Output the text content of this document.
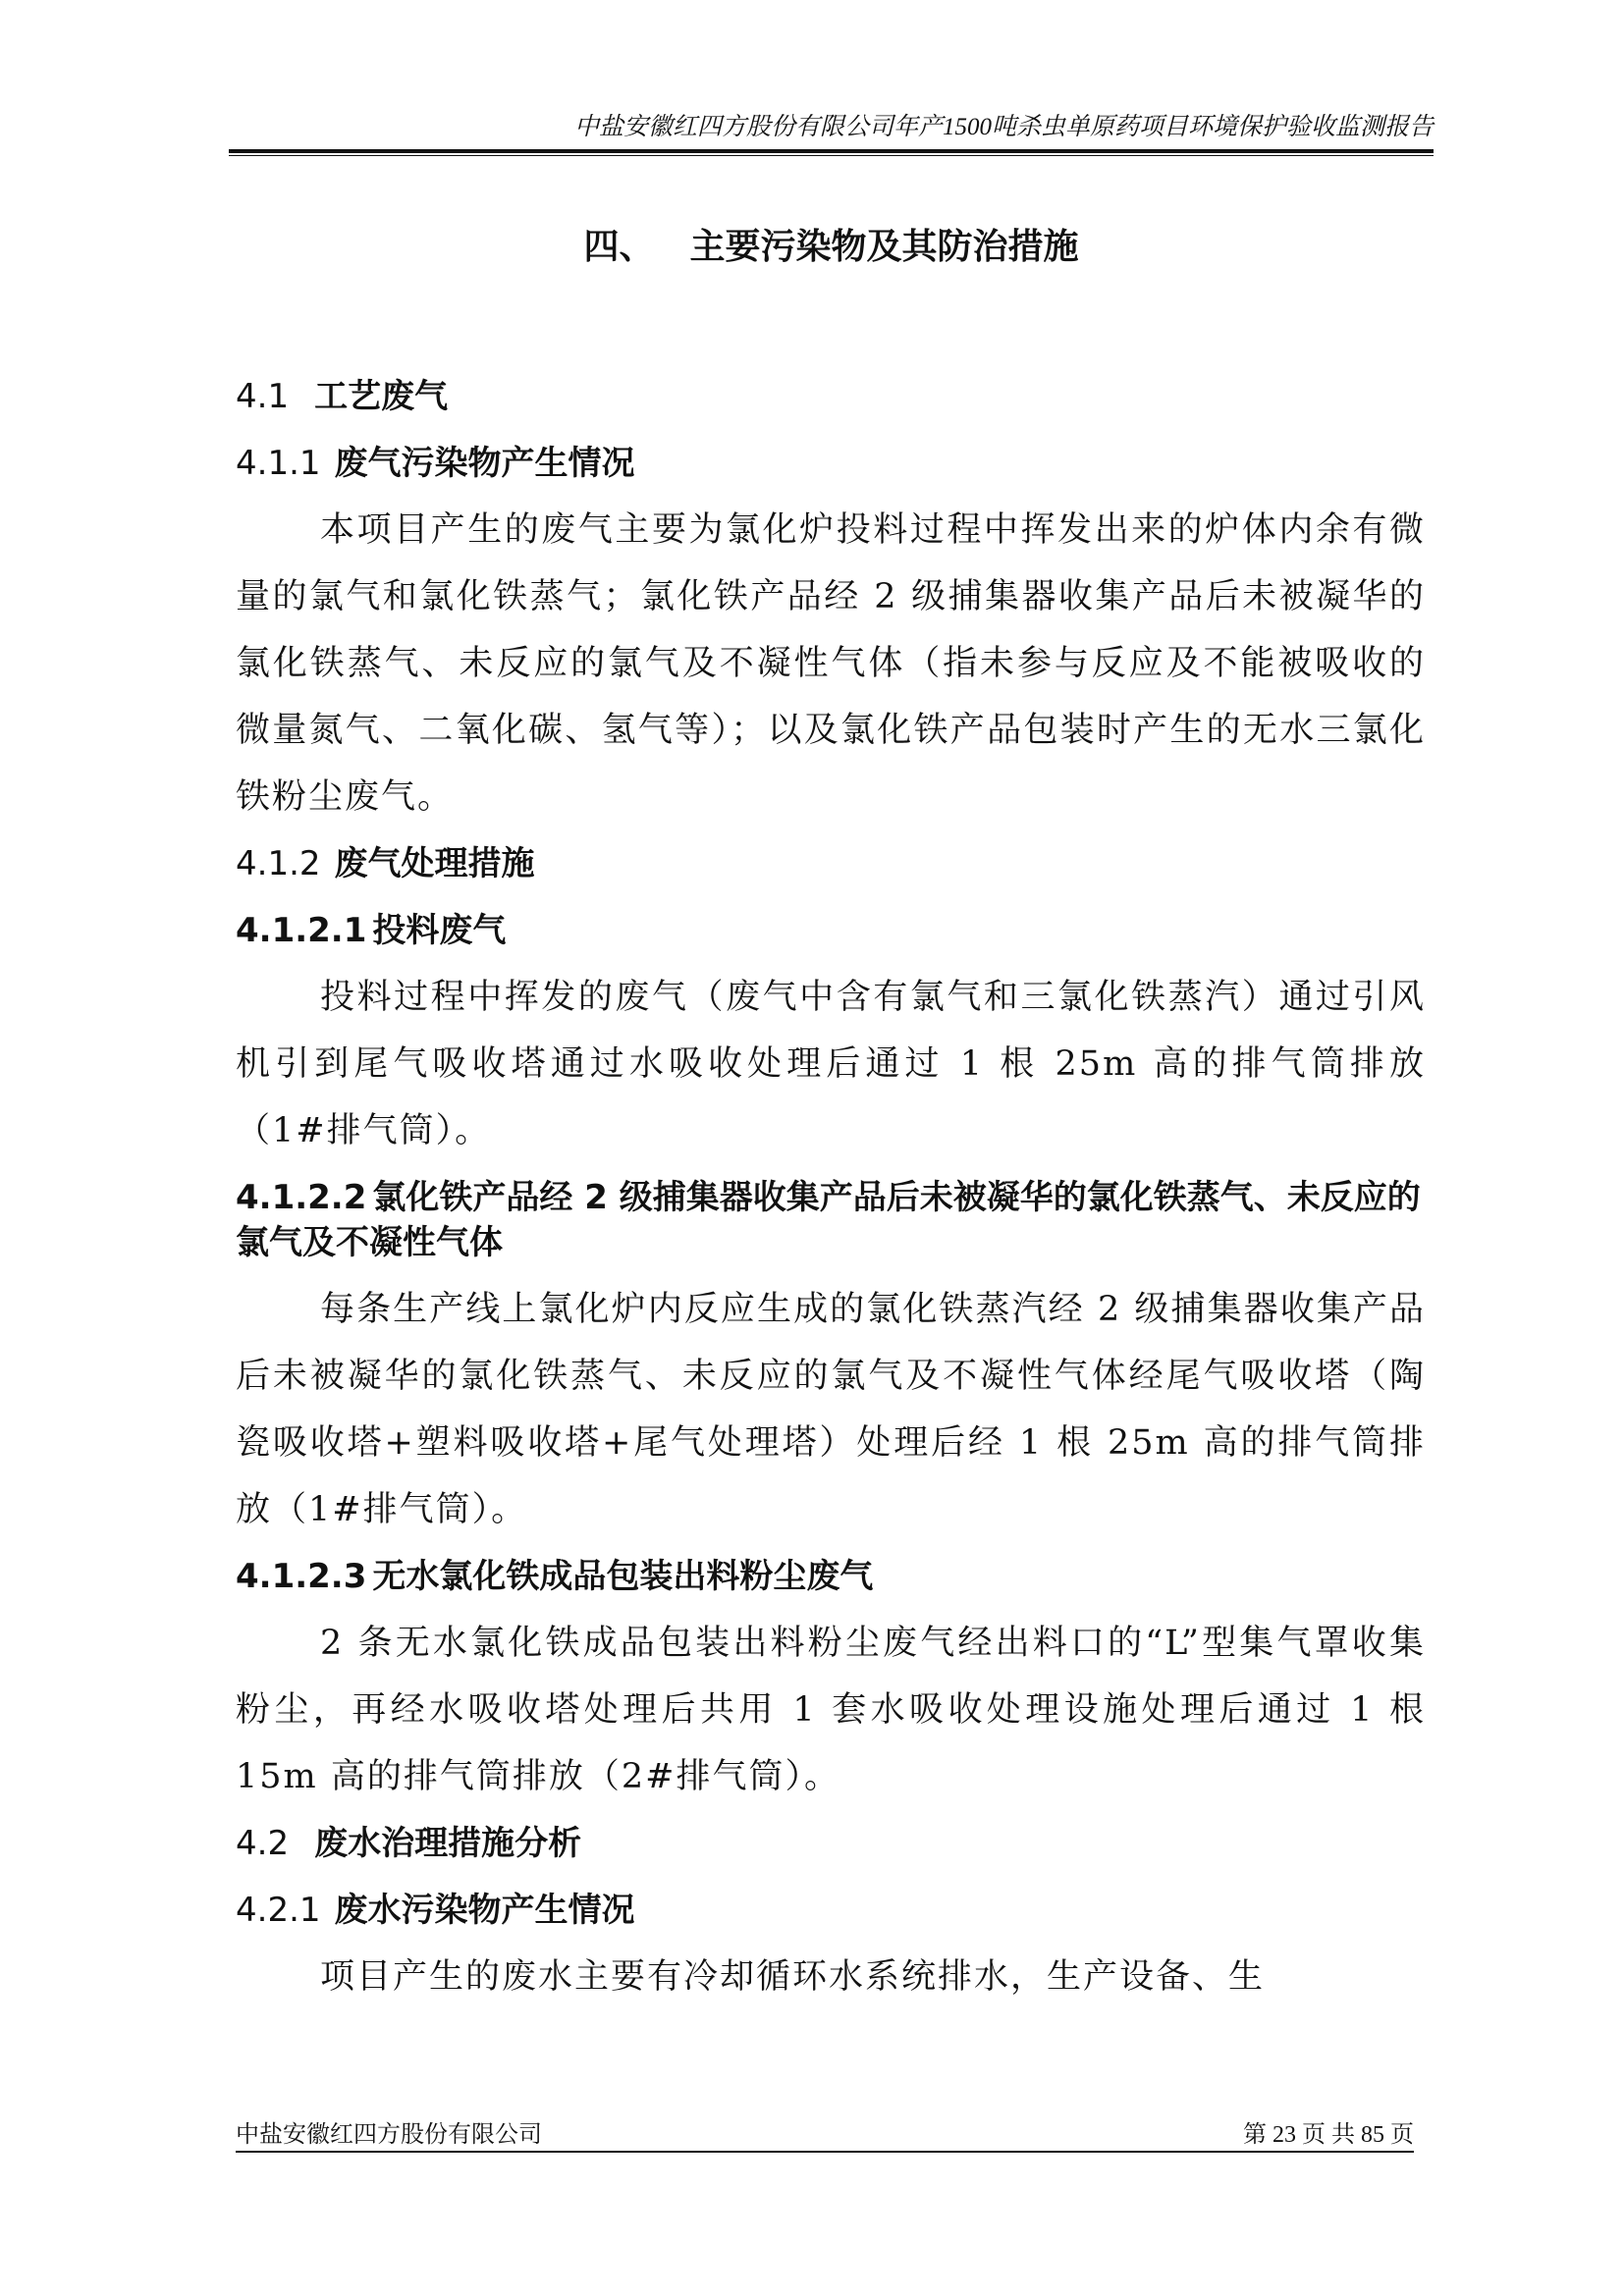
中盐安徽红四方股份有限公司年产1500吨杀虫单原药项目环境保护验收监测报告
四、 主要污染物及其防治措施
4.1 工艺废气
4.1.1 废气污染物产生情况

本项目产生的废气主要为氯化炉投料过程中挥发出来的炉体内余有微量的氯气和氯化铁蒸气；氯化铁产品经 2 级捕集器收集产品后未被凝华的氯化铁蒸气、未反应的氯气及不凝性气体（指未参与反应及不能被吸收的微量氮气、二氧化碳、氢气等）；以及氯化铁产品包装时产生的无水三氯化铁粉尘废气。

4.1.2 废气处理措施
4.1.2.1 投料废气

投料过程中挥发的废气（废气中含有氯气和三氯化铁蒸汽）通过引风机引到尾气吸收塔通过水吸收处理后通过 1 根 25m 高的排气筒排放（1#排气筒）。

4.1.2.2 氯化铁产品经 2 级捕集器收集产品后未被凝华的氯化铁蒸气、未反应的氯气及不凝性气体

每条生产线上氯化炉内反应生成的氯化铁蒸汽经 2 级捕集器收集产品后未被凝华的氯化铁蒸气、未反应的氯气及不凝性气体经尾气吸收塔（陶瓷吸收塔+塑料吸收塔+尾气处理塔）处理后经 1 根 25m 高的排气筒排放（1#排气筒）。

4.1.2.3 无水氯化铁成品包装出料粉尘废气

2 条无水氯化铁成品包装出料粉尘废气经出料口的“L”型集气罩收集粉尘，再经水吸收塔处理后共用 1 套水吸收处理设施处理后通过 1 根 15m 高的排气筒排放（2#排气筒）。

4.2 废水治理措施分析
4.2.1 废水污染物产生情况

项目产生的废水主要有冷却循环水系统排水，生产设备、生

中盐安徽红四方股份有限公司	第 23 页 共 85 页
